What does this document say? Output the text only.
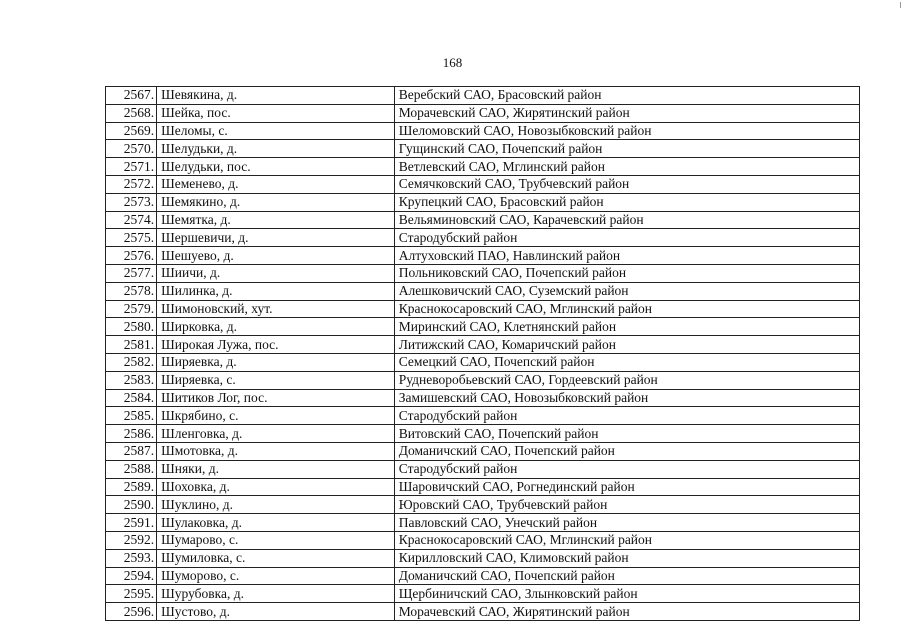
168
2567.	Шевякина, д.	Веребский САО, Брасовский район
2568.	Шейка, пос.	Морачевский САО, Жирятинский район
2569.	Шеломы, с.	Шеломовский САО, Новозыбковский район
2570.	Шелудьки, д.	Гущинский САО, Почепский район
2571.	Шелудьки, пос.	Ветлевский САО, Мглинский район
2572.	Шеменево, д.	Семячковский САО, Трубчевский район
2573.	Шемякино, д.	Крупецкий САО, Брасовский район
2574.	Шемятка, д.	Вельяминовский САО, Карачевский район
2575.	Шершевичи, д.	Стародубский район
2576.	Шешуево, д.	Алтуховский ПАО, Навлинский район
2577.	Шиичи, д.	Польниковский САО, Почепский район
2578.	Шилинка, д.	Алешковичский САО, Суземский район
2579.	Шимоновский, хут.	Краснокосаровский САО, Мглинский район
2580.	Ширковка, д.	Миринский САО, Клетнянский район
2581.	Широкая Лужа, пос.	Литижский САО, Комаричский район
2582.	Ширяевка, д.	Семецкий САО, Почепский район
2583.	Ширяевка, с.	Рудневоробьевский САО, Гордеевский район
2584.	Шитиков Лог, пос.	Замишевский САО, Новозыбковский район
2585.	Шкрябино, с.	Стародубский район
2586.	Шленговка, д.	Витовский САО, Почепский район
2587.	Шмотовка, д.	Доманичский САО, Почепский район
2588.	Шняки, д.	Стародубский район
2589.	Шоховка, д.	Шаровичский САО, Рогнединский район
2590.	Шуклино, д.	Юровский САО, Трубчевский район
2591.	Шулаковка, д.	Павловский САО, Унечский район
2592.	Шумарово, с.	Краснокосаровский САО, Мглинский район
2593.	Шумиловка, с.	Кирилловский САО, Климовский район
2594.	Шуморово, с.	Доманичский САО, Почепский район
2595.	Шурубовка, д.	Щербиничский САО, Злынковский район
2596.	Шустово, д.	Морачевский САО, Жирятинский район
